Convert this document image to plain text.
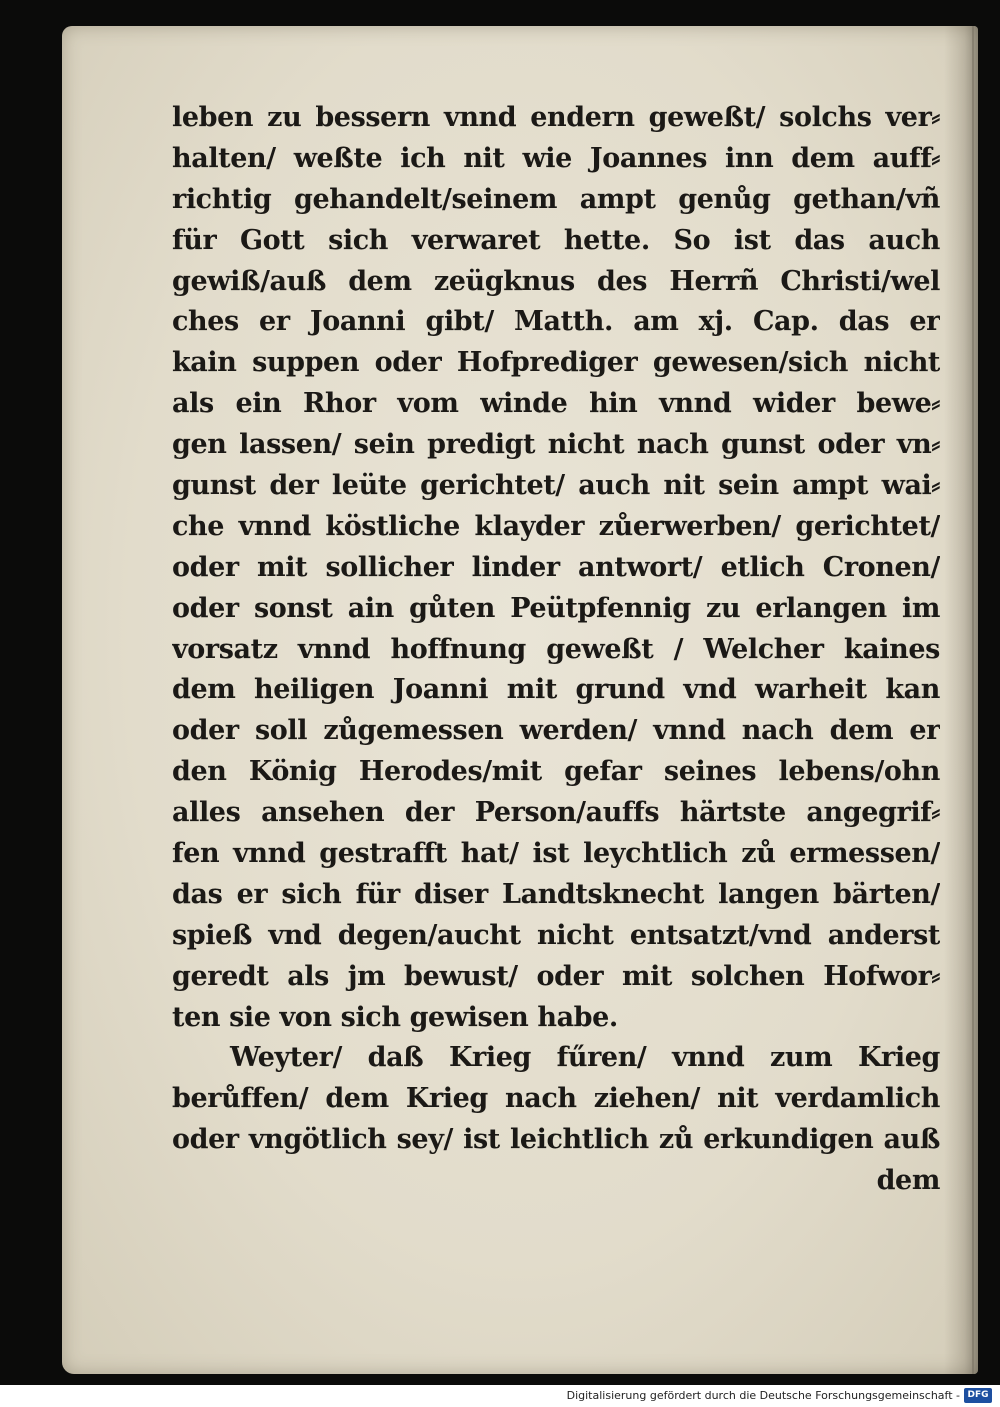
leben zu bessern vnnd endern geweßt/ solchs ver⸗
halten/ weßte ich nit wie Joannes inn dem auff⸗
richtig gehandelt/seinem ampt genůg gethan/vñ
für Gott sich verwaret hette. So ist das auch
gewiß/auß dem zeügknus des Herrñ Christi/wel
ches er Joanni gibt/ Matth. am xj. Cap. das er
kain suppen oder Hofprediger gewesen/sich nicht
als ein Rhor vom winde hin vnnd wider bewe⸗
gen lassen/ sein predigt nicht nach gunst oder vn⸗
gunst der leüte gerichtet/ auch nit sein ampt wai⸗
che vnnd köstliche klayder zůerwerben/ gerichtet/
oder mit sollicher linder antwort/ etlich Cronen/
oder sonst ain gůten Peütpfennig zu erlangen im
vorsatz vnnd hoffnung geweßt / Welcher kaines
dem heiligen Joanni mit grund vnd warheit kan
oder soll zůgemessen werden/ vnnd nach dem er
den König Herodes/mit gefar seines lebens/ohn
alles ansehen der Person/auffs härtste angegrif⸗
fen vnnd gestrafft hat/ ist leychtlich zů ermessen/
das er sich für diser Landtsknecht langen bärten/
spieß vnd degen/aucht nicht entsatzt/vnd anderst
geredt als jm bewust/ oder mit solchen Hofwor⸗
ten sie von sich gewisen habe.
Weyter/ daß Krieg fűren/ vnnd zum Krieg
berůffen/ dem Krieg nach ziehen/ nit verdamlich
oder vngötlich sey/ ist leichtlich zů erkundigen auß
dem
Digitalisierung gefördert durch die Deutsche Forschungsgemeinschaft - DFG
